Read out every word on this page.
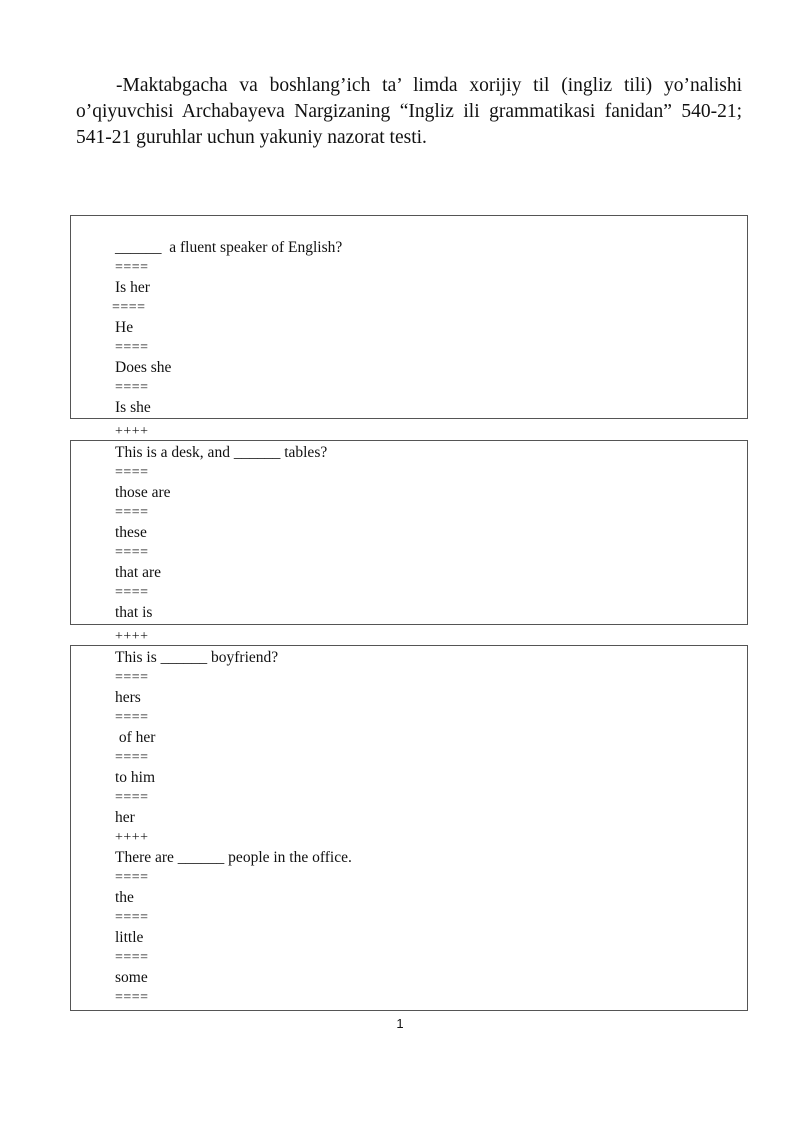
-Maktabgacha va boshlang’ich ta’ limda xorijiy til (ingliz tili) yo’nalishi o’qiyuvchisi Archabayeva Nargizaning “Ingliz ili grammatikasi fanidan” 540-21; 541-21 guruhlar uchun yakuniy nazorat testi.

______  a fluent speaker of English?
====
Is her
====
He
====
Does she
====
Is she
++++
This is a desk, and ______ tables?
====
those are
====
these
====
that are
====
that is
++++
This is ______ boyfriend?
====
hers
====
of her
====
to him
====
her
++++
There are ______ people in the office.
====
the
====
little
====
some
====
1
